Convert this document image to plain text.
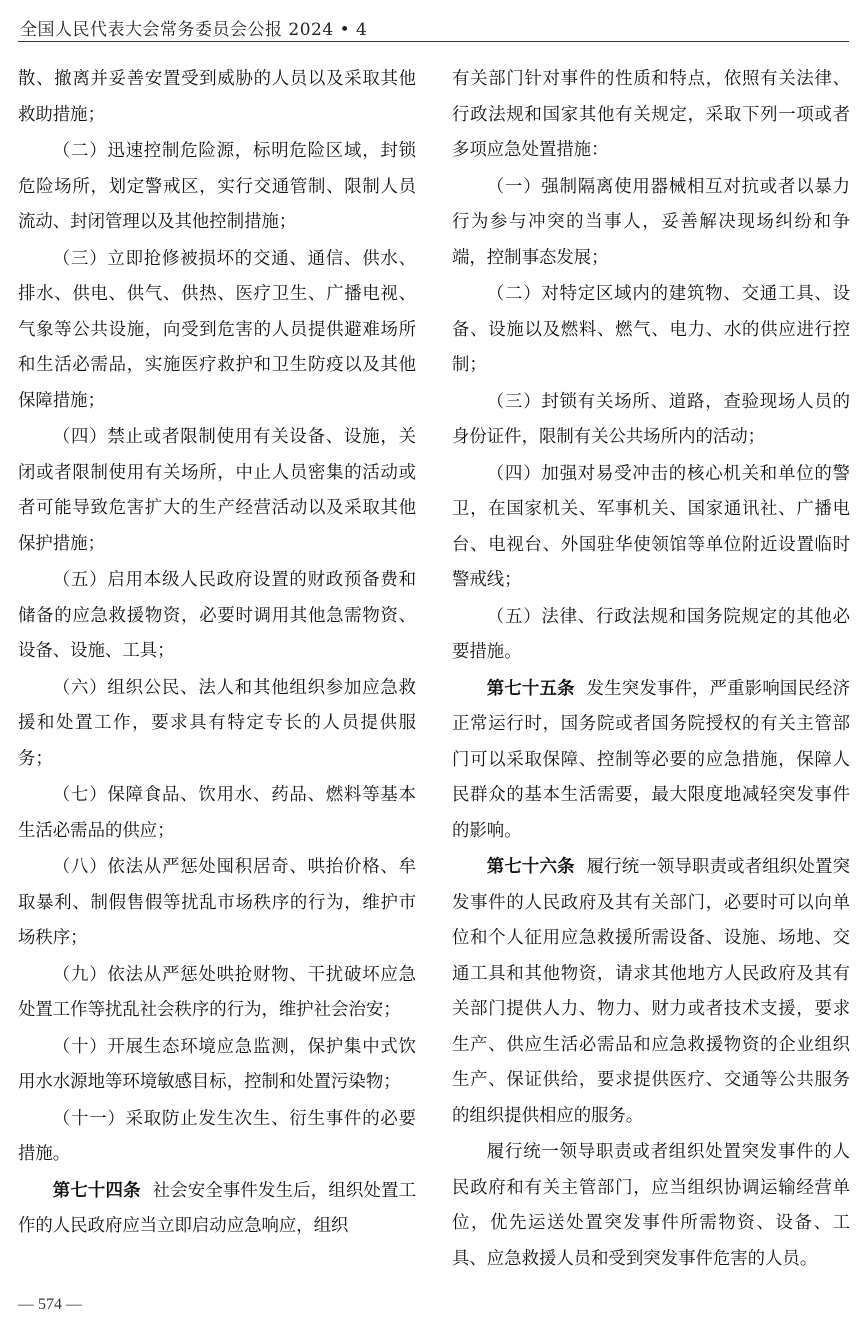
全国人民代表大会常务委员会公报 2024 • 4

散、撤离并妥善安置受到威胁的人员以及采取其他救助措施；

（二）迅速控制危险源，标明危险区域，封锁危险场所，划定警戒区，实行交通管制、限制人员流动、封闭管理以及其他控制措施；

（三）立即抢修被损坏的交通、通信、供水、排水、供电、供气、供热、医疗卫生、广播电视、气象等公共设施，向受到危害的人员提供避难场所和生活必需品，实施医疗救护和卫生防疫以及其他保障措施；

（四）禁止或者限制使用有关设备、设施，关闭或者限制使用有关场所，中止人员密集的活动或者可能导致危害扩大的生产经营活动以及采取其他保护措施；

（五）启用本级人民政府设置的财政预备费和储备的应急救援物资，必要时调用其他急需物资、设备、设施、工具；

（六）组织公民、法人和其他组织参加应急救援和处置工作，要求具有特定专长的人员提供服务；

（七）保障食品、饮用水、药品、燃料等基本生活必需品的供应；

（八）依法从严惩处囤积居奇、哄抬价格、牟取暴利、制假售假等扰乱市场秩序的行为，维护市场秩序；

（九）依法从严惩处哄抢财物、干扰破坏应急处置工作等扰乱社会秩序的行为，维护社会治安；

（十）开展生态环境应急监测，保护集中式饮用水水源地等环境敏感目标，控制和处置污染物；

（十一）采取防止发生次生、衍生事件的必要措施。

第七十四条 社会安全事件发生后，组织处置工作的人民政府应当立即启动应急响应，组织

有关部门针对事件的性质和特点，依照有关法律、行政法规和国家其他有关规定，采取下列一项或者多项应急处置措施：

（一）强制隔离使用器械相互对抗或者以暴力行为参与冲突的当事人，妥善解决现场纠纷和争端，控制事态发展；

（二）对特定区域内的建筑物、交通工具、设备、设施以及燃料、燃气、电力、水的供应进行控制；

（三）封锁有关场所、道路，查验现场人员的身份证件，限制有关公共场所内的活动；

（四）加强对易受冲击的核心机关和单位的警卫，在国家机关、军事机关、国家通讯社、广播电台、电视台、外国驻华使领馆等单位附近设置临时警戒线；

（五）法律、行政法规和国务院规定的其他必要措施。

第七十五条 发生突发事件，严重影响国民经济正常运行时，国务院或者国务院授权的有关主管部门可以采取保障、控制等必要的应急措施，保障人民群众的基本生活需要，最大限度地减轻突发事件的影响。

第七十六条 履行统一领导职责或者组织处置突发事件的人民政府及其有关部门，必要时可以向单位和个人征用应急救援所需设备、设施、场地、交通工具和其他物资，请求其他地方人民政府及其有关部门提供人力、物力、财力或者技术支援，要求生产、供应生活必需品和应急救援物资的企业组织生产、保证供给，要求提供医疗、交通等公共服务的组织提供相应的服务。

履行统一领导职责或者组织处置突发事件的人民政府和有关主管部门，应当组织协调运输经营单位，优先运送处置突发事件所需物资、设备、工具、应急救援人员和受到突发事件危害的人员。

— 574 —
